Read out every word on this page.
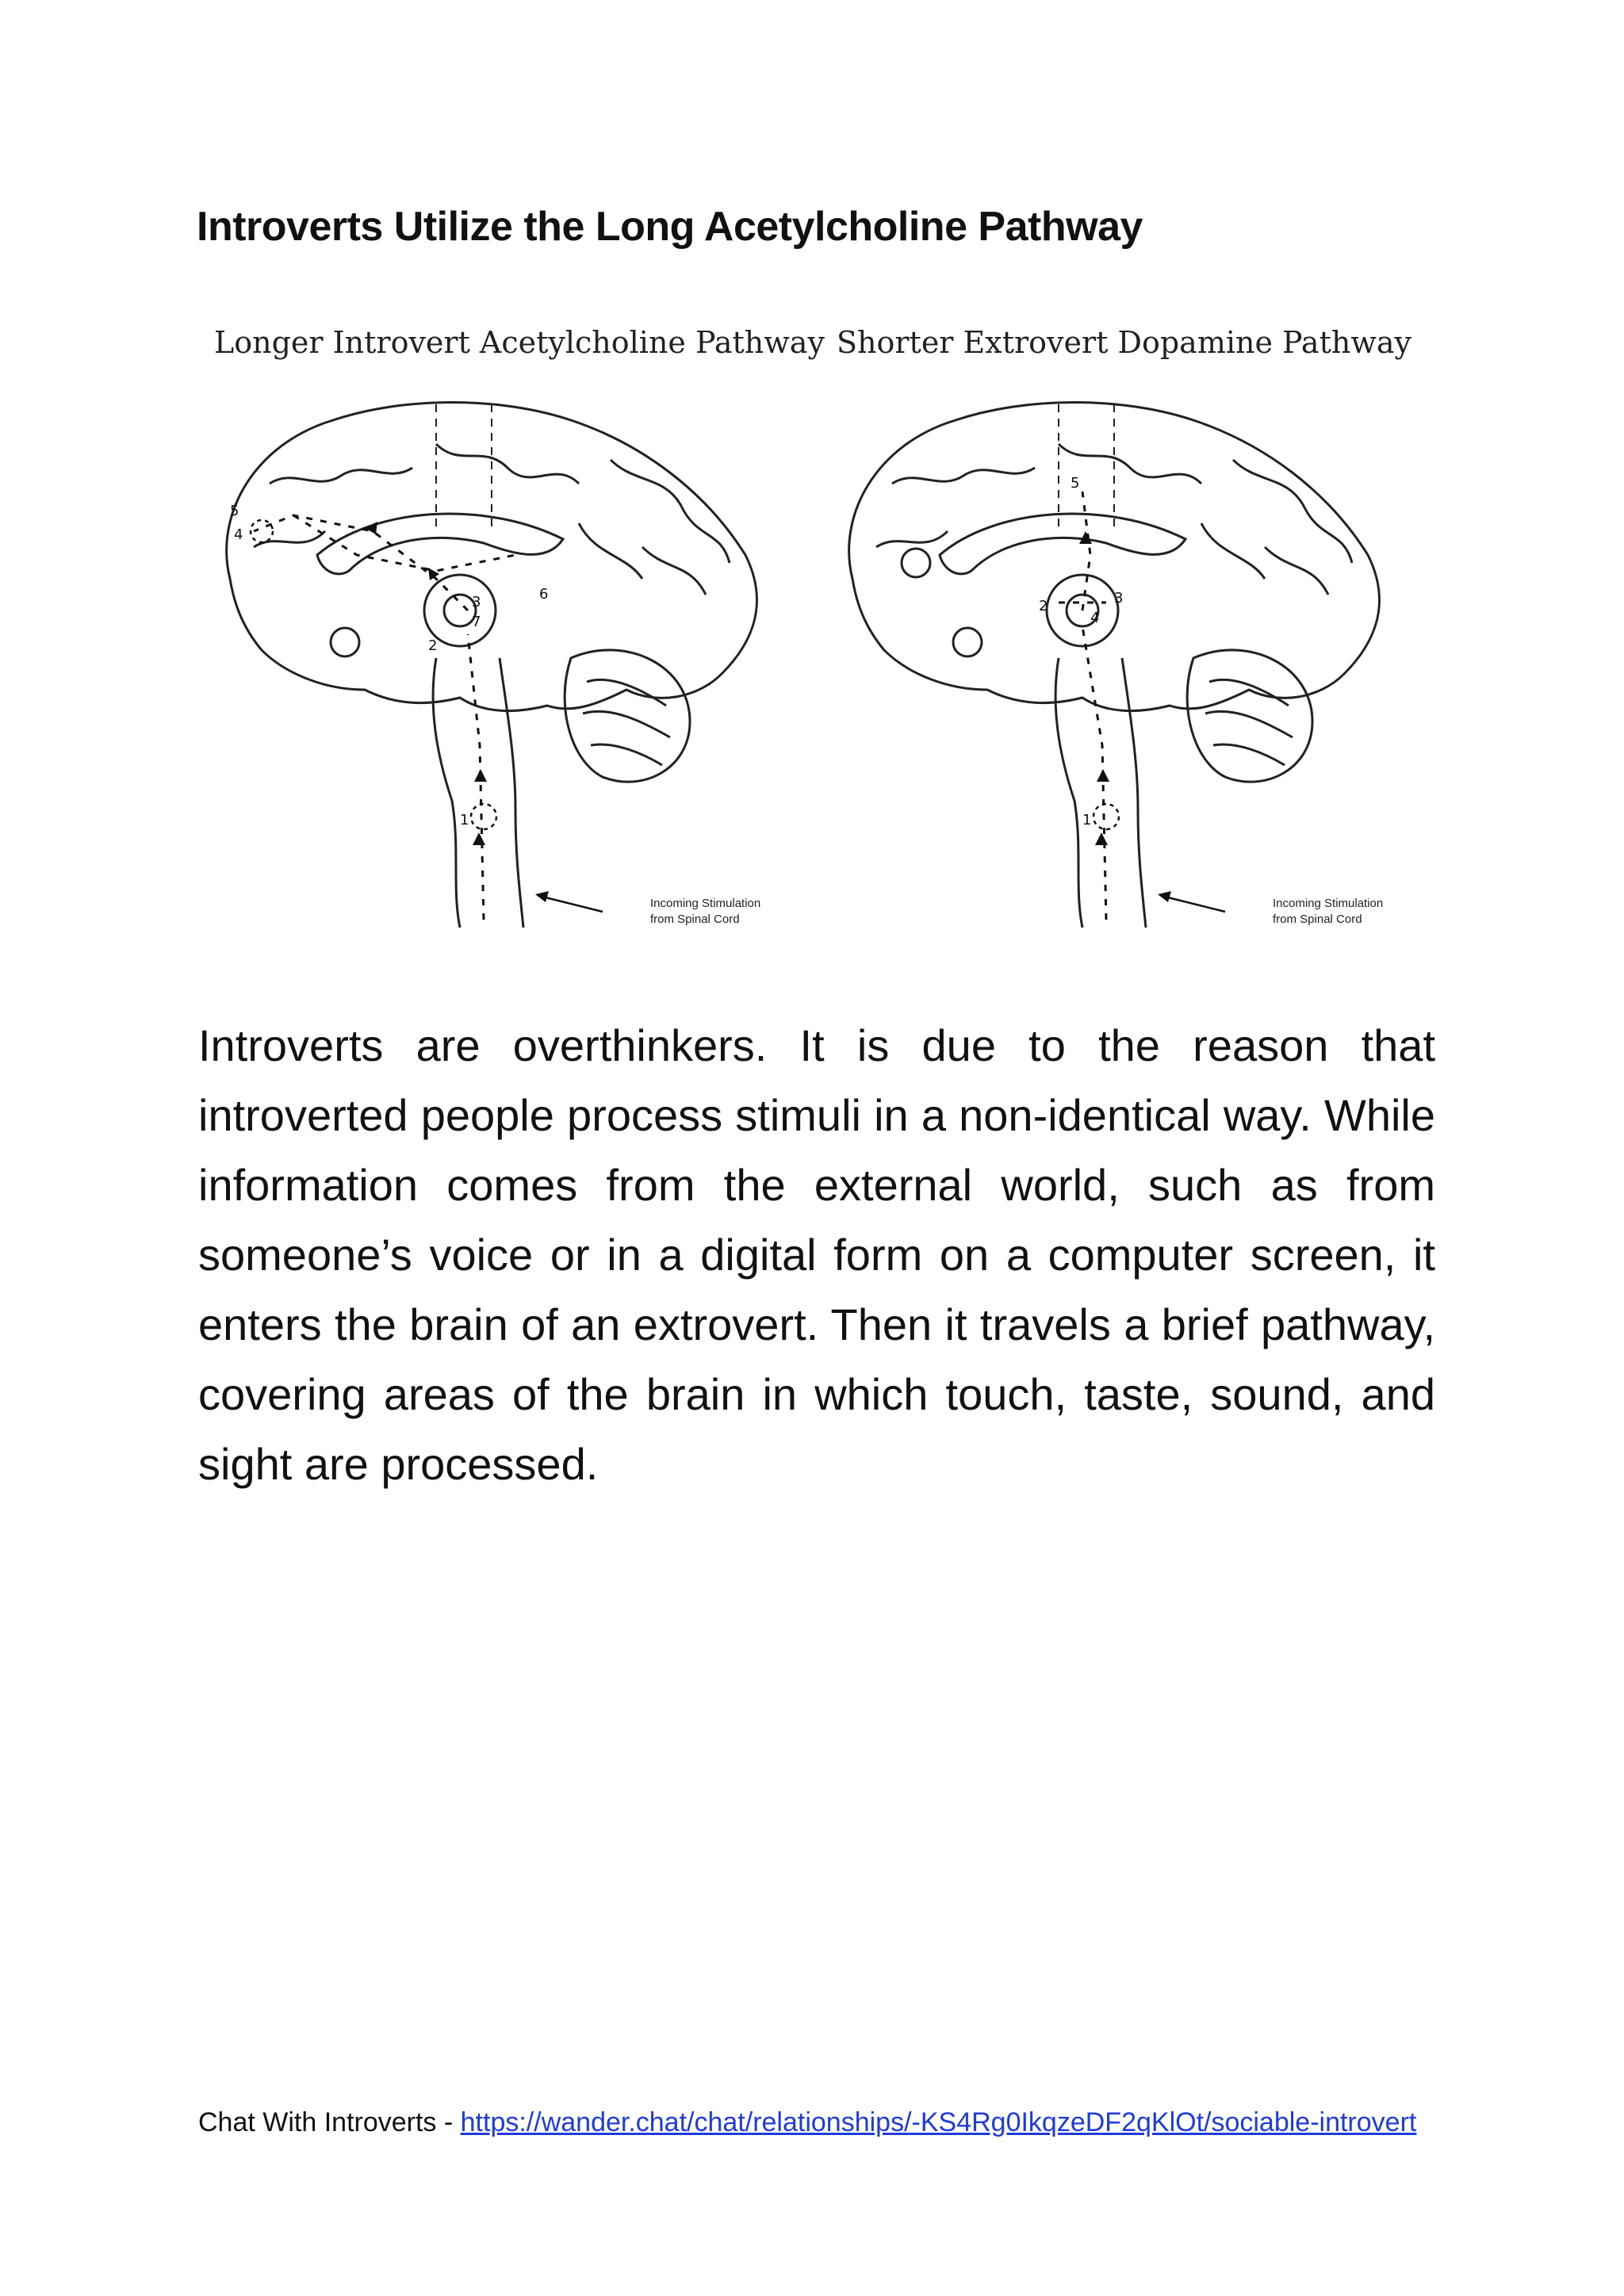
Introverts Utilize the Long Acetylcholine Pathway
Longer Introvert Acetylcholine Pathway
1
2
3
4
5
6
7
Incoming Stimulation
from Spinal Cord
Shorter Extrovert Dopamine Pathway
1
2	3
4
5
Incoming Stimulation
from Spinal Cord

Introverts are overthinkers. It is due to the reason that introverted people process stimuli in a non-identical way. While information comes from the external world, such as from someone’s voice or in a digital form on a computer screen, it enters the brain of an extrovert. Then it travels a brief pathway, covering areas of the brain in which touch, taste, sound, and sight are processed.

Chat With Introverts - https://wander.chat/chat/relationships/-KS4Rg0IkqzeDF2qKlOt/sociable-introvert
